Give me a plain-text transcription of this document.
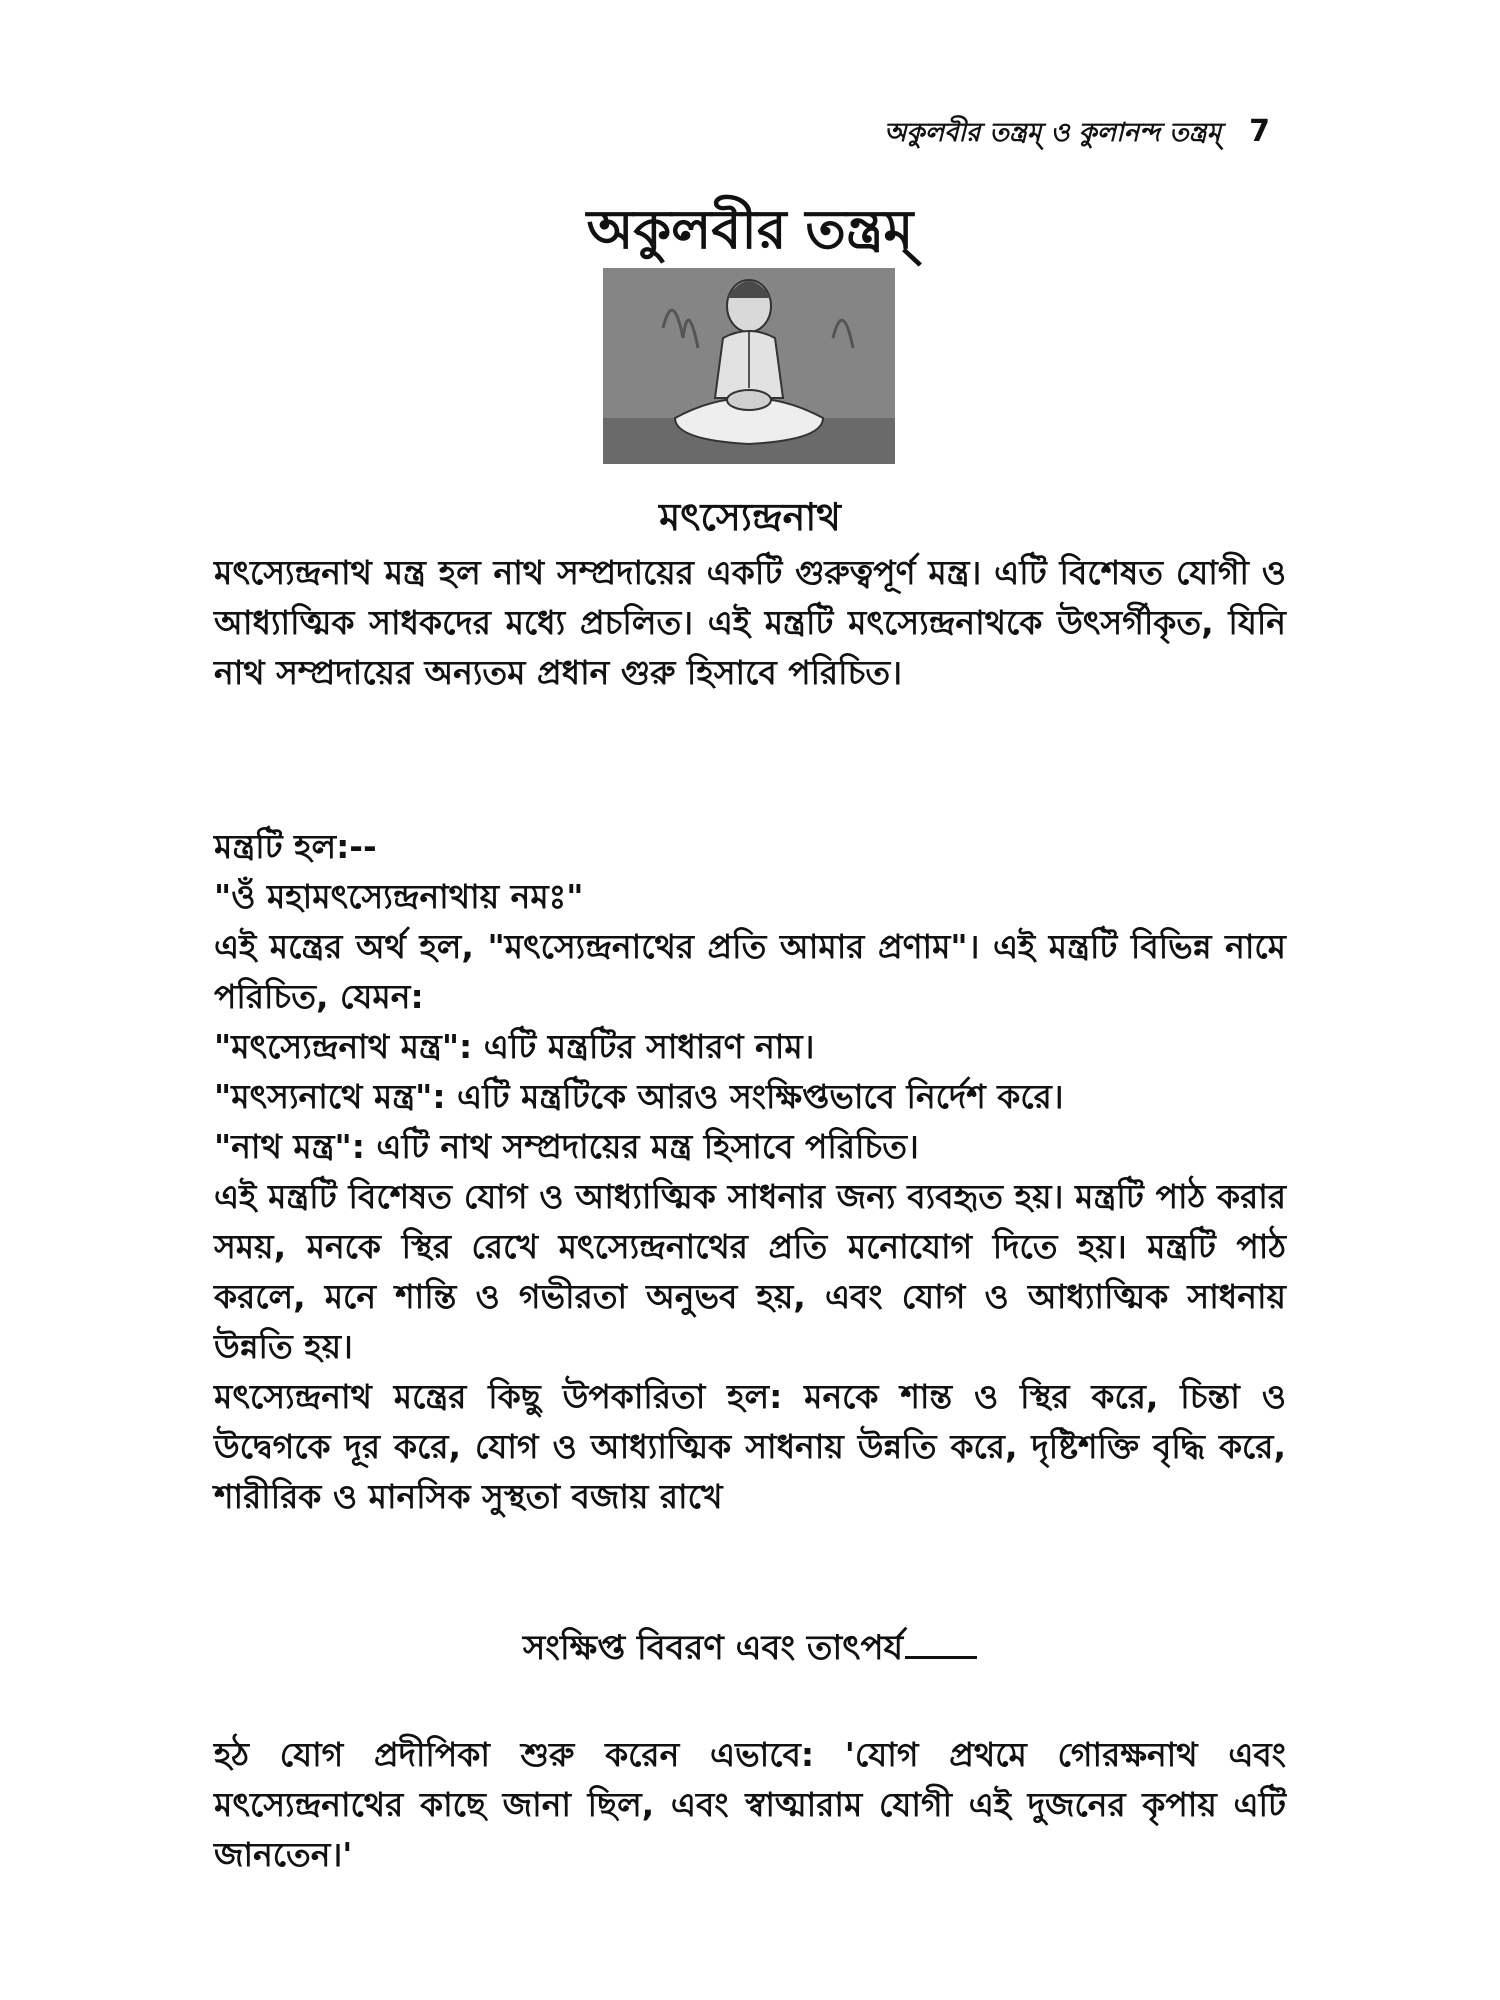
অকুলবীর তন্ত্রম্ ও কুলানন্দ তন্ত্রম্ 7
অকুলবীর তন্ত্রম্
মৎস্যেন্দ্রনাথ
মৎস্যেন্দ্রনাথ মন্ত্র হল নাথ সম্প্রদায়ের একটি গুরুত্বপূর্ণ মন্ত্র। এটি বিশেষত যোগী ও আধ্যাত্মিক সাধকদের মধ্যে প্রচলিত। এই মন্ত্রটি মৎস্যেন্দ্রনাথকে উৎসর্গীকৃত, যিনি নাথ সম্প্রদায়ের অন্যতম প্রধান গুরু হিসাবে পরিচিত।

মন্ত্রটি হল:--

"ওঁ মহামৎস্যেন্দ্রনাথায় নমঃ"

এই মন্ত্রের অর্থ হল, "মৎস্যেন্দ্রনাথের প্রতি আমার প্রণাম"। এই মন্ত্রটি বিভিন্ন নামে পরিচিত, যেমন:

"মৎস্যেন্দ্রনাথ মন্ত্র": এটি মন্ত্রটির সাধারণ নাম।

"মৎস্যনাথে মন্ত্র": এটি মন্ত্রটিকে আরও সংক্ষিপ্তভাবে নির্দেশ করে।

"নাথ মন্ত্র": এটি নাথ সম্প্রদায়ের মন্ত্র হিসাবে পরিচিত।

এই মন্ত্রটি বিশেষত যোগ ও আধ্যাত্মিক সাধনার জন্য ব্যবহৃত হয়। মন্ত্রটি পাঠ করার সময়, মনকে স্থির রেখে মৎস্যেন্দ্রনাথের প্রতি মনোযোগ দিতে হয়। মন্ত্রটি পাঠ করলে, মনে শান্তি ও গভীরতা অনুভব হয়, এবং যোগ ও আধ্যাত্মিক সাধনায় উন্নতি হয়।

মৎস্যেন্দ্রনাথ মন্ত্রের কিছু উপকারিতা হল: মনকে শান্ত ও স্থির করে, চিন্তা ও উদ্বেগকে দূর করে, যোগ ও আধ্যাত্মিক সাধনায় উন্নতি করে, দৃষ্টিশক্তি বৃদ্ধি করে, শারীরিক ও মানসিক সুস্থতা বজায় রাখে

সংক্ষিপ্ত বিবরণ এবং তাৎপর্য
হঠ যোগ প্রদীপিকা শুরু করেন এভাবে: 'যোগ প্রথমে গোরক্ষনাথ এবং মৎস্যেন্দ্রনাথের কাছে জানা ছিল, এবং স্বাত্মারাম যোগী এই দুজনের কৃপায় এটি জানতেন।'
